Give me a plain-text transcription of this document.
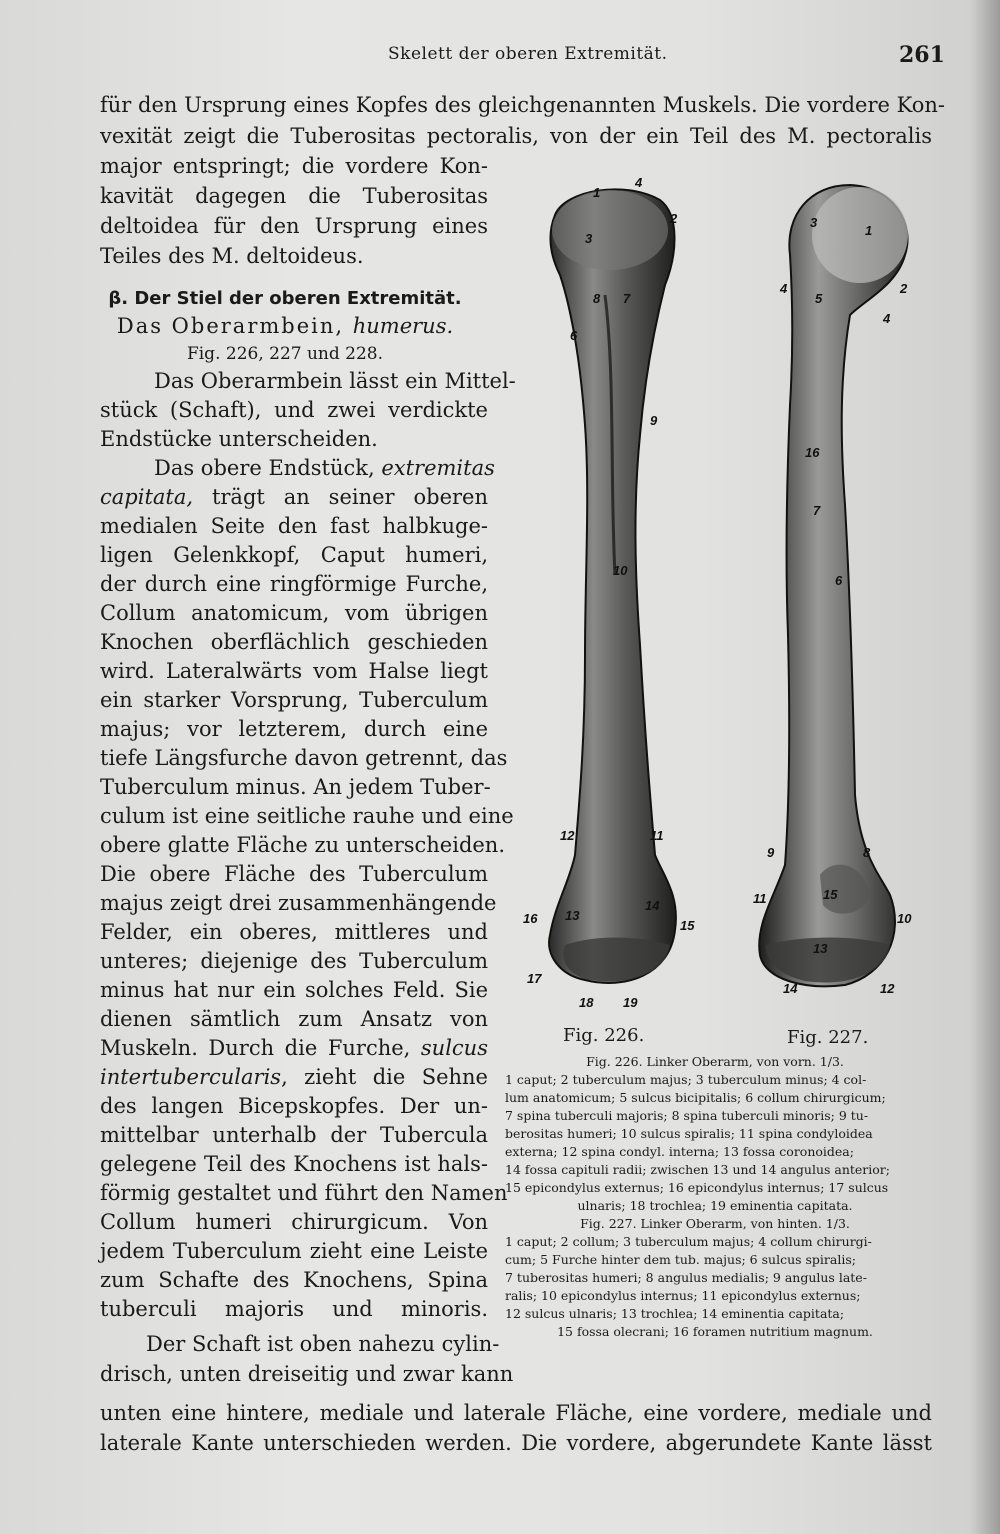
Skelett der oberen Extremität.	261
für den Ursprung eines Kopfes des gleichgenannten Muskels. Die vordere Kon-
vexität zeigt die Tuberositas pectoralis, von der ein Teil des M. pectoralis
major entspringt; die vordere Kon-
kavität dagegen die Tuberositas
deltoidea für den Ursprung eines
Teiles des M. deltoideus.
β. Der Stiel der oberen Extremität.
Das Oberarmbein, humerus.
Fig. 226, 227 und 228.
Das Oberarmbein lässt ein Mittel-
stück (Schaft), und zwei verdickte
Endstücke unterscheiden.
Das obere Endstück, extremitas
capitata, trägt an seiner oberen
medialen Seite den fast halbkuge-
ligen Gelenkkopf, Caput humeri,
der durch eine ringförmige Furche,
Collum anatomicum, vom übrigen
Knochen oberflächlich geschieden
wird. Lateralwärts vom Halse liegt
ein starker Vorsprung, Tuberculum
majus; vor letzterem, durch eine
tiefe Längsfurche davon getrennt, das
Tuberculum minus. An jedem Tuber-
culum ist eine seitliche rauhe und eine
obere glatte Fläche zu unterscheiden.
Die obere Fläche des Tuberculum
majus zeigt drei zusammenhängende
Felder, ein oberes, mittleres und
unteres; diejenige des Tuberculum
minus hat nur ein solches Feld. Sie
dienen sämtlich zum Ansatz von
Muskeln. Durch die Furche, sulcus
intertubercularis, zieht die Sehne
des langen Bicepskopfes. Der un-
mittelbar unterhalb der Tubercula
gelegene Teil des Knochens ist hals-
förmig gestaltet und führt den Namen
Collum humeri chirurgicum. Von
jedem Tuberculum zieht eine Leiste
zum Schafte des Knochens, Spina
tuberculi majoris und minoris.
Der Schaft ist oben nahezu cylin-
drisch, unten dreiseitig und zwar kann
unten eine hintere, mediale und laterale Fläche, eine vordere, mediale und
laterale Kante unterschieden werden. Die vordere, abgerundete Kante lässt
1
4
2
3
8 7
6
9
10
12	11
16 13
14
15
17
18 19
3
1
4
5
2
4
16
7
6
9	8
11	15
10
13
14	12
Fig. 226.	Fig. 227.
Fig. 226. Linker Oberarm, von vorn. 1/3.
1 caput; 2 tuberculum majus; 3 tuberculum minus; 4 col-
lum anatomicum; 5 sulcus bicipitalis; 6 collum chirurgicum;
7 spina tuberculi majoris; 8 spina tuberculi minoris; 9 tu-
berositas humeri; 10 sulcus spiralis; 11 spina condyloidea
externa; 12 spina condyl. interna; 13 fossa coronoidea;
14 fossa capituli radii; zwischen 13 und 14 angulus anterior;
15 epicondylus externus; 16 epicondylus internus; 17 sulcus
ulnaris; 18 trochlea; 19 eminentia capitata.
Fig. 227. Linker Oberarm, von hinten. 1/3.
1 caput; 2 collum; 3 tuberculum majus; 4 collum chirurgi-
cum; 5 Furche hinter dem tub. majus; 6 sulcus spiralis;
7 tuberositas humeri; 8 angulus medialis; 9 angulus late-
ralis; 10 epicondylus internus; 11 epicondylus externus;
12 sulcus ulnaris; 13 trochlea; 14 eminentia capitata;
15 fossa olecrani; 16 foramen nutritium magnum.
